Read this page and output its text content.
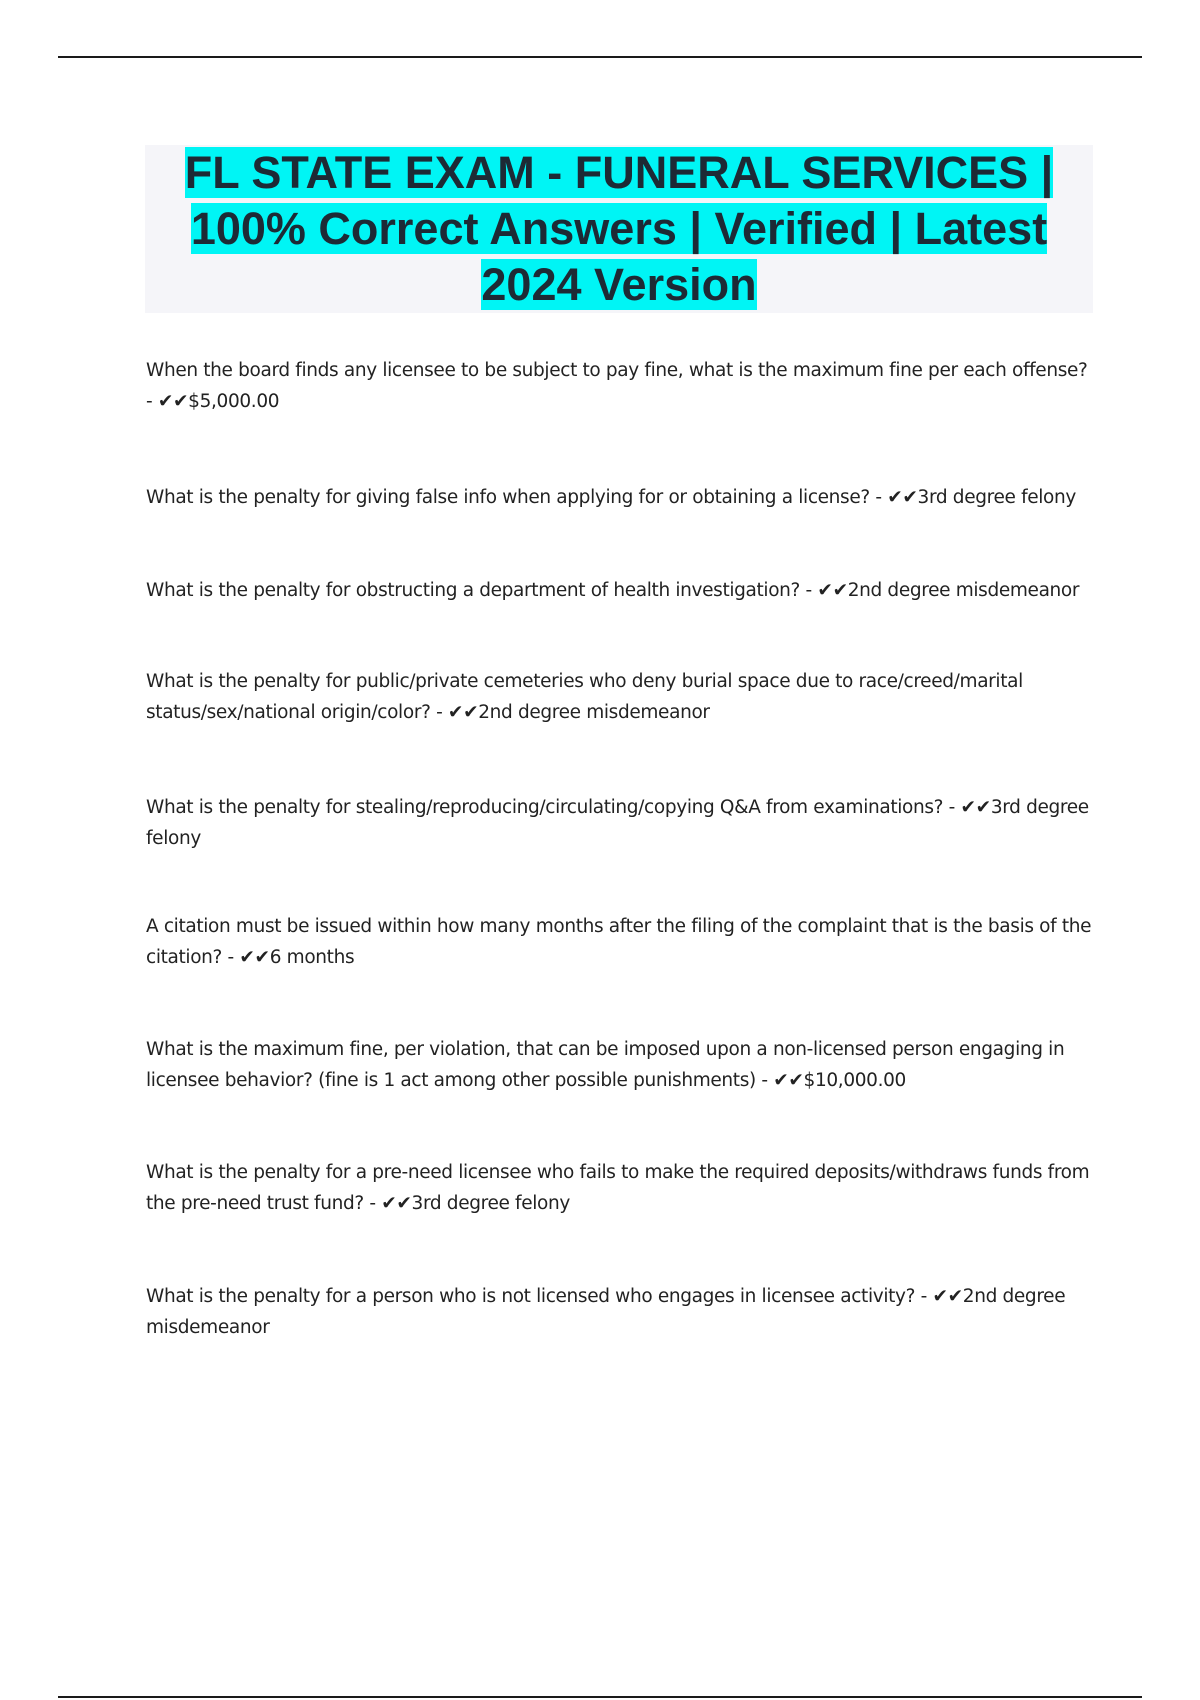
FL STATE EXAM - FUNERAL SERVICES | 100% Correct Answers | Verified | Latest 2024 Version

When the board finds any licensee to be subject to pay fine, what is the maximum fine per each offense? - ✔✔$5,000.00

What is the penalty for giving false info when applying for or obtaining a license? - ✔✔3rd degree felony

What is the penalty for obstructing a department of health investigation? - ✔✔2nd degree misdemeanor

What is the penalty for public/private cemeteries who deny burial space due to race/creed/marital status/sex/national origin/color? - ✔✔2nd degree misdemeanor

What is the penalty for stealing/reproducing/circulating/copying Q&A from examinations? - ✔✔3rd degree felony

A citation must be issued within how many months after the filing of the complaint that is the basis of the citation? - ✔✔6 months

What is the maximum fine, per violation, that can be imposed upon a non-licensed person engaging in licensee behavior? (fine is 1 act among other possible punishments) - ✔✔$10,000.00

What is the penalty for a pre-need licensee who fails to make the required deposits/withdraws funds from the pre-need trust fund? - ✔✔3rd degree felony

What is the penalty for a person who is not licensed who engages in licensee activity? - ✔✔2nd degree misdemeanor
